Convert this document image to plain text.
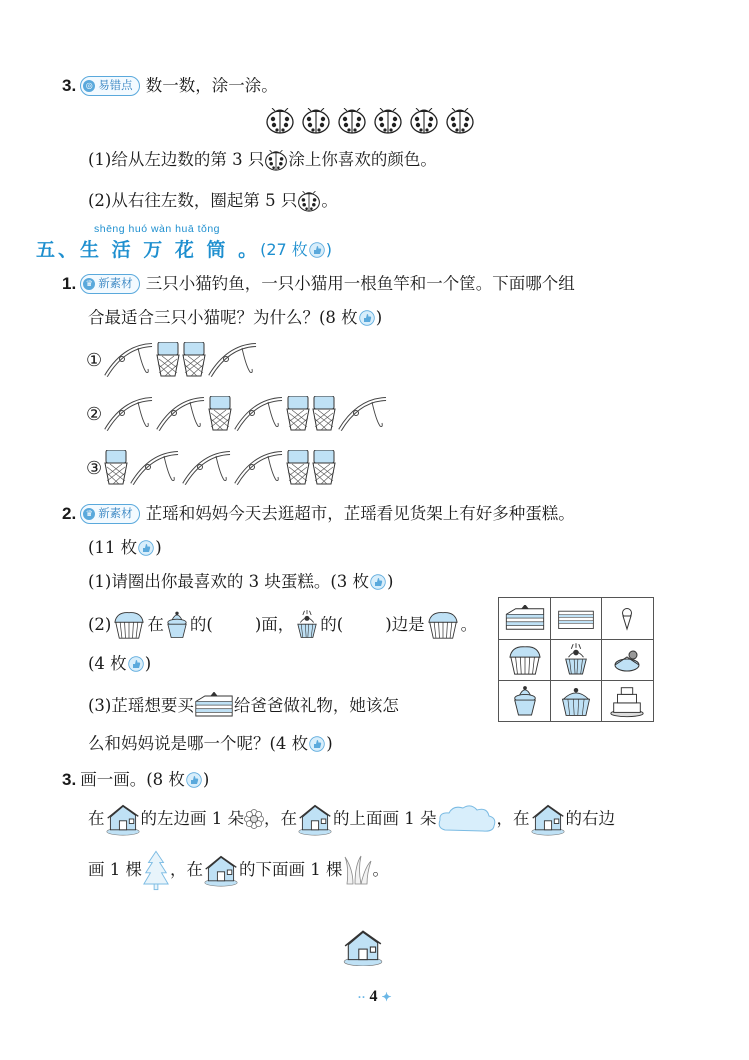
3.	◎ 易错点 数一数，涂一涂。
(1)给从左边数的第 3 只 涂上你喜欢的颜色。
(2)从右往左数，圈起第 5 只 。
shēng huó wàn huā tǒng
五、生 活 万 花 筒 。 (27 枚 )
1.	♛ 新素材 三只小猫钓鱼，一只小猫用一根鱼竿和一个筐。下面哪个组
合最适合三只小猫呢？为什么？(8 枚 )
①
②
③
2.	♛ 新素材 芷瑶和妈妈今天去逛超市，芷瑶看见货架上有好多种蛋糕。
(11 枚 )
(1)请圈出你最喜欢的 3 块蛋糕。(3 枚 )
(2) 在 的(	)面， 的(	)边是 。
(4 枚 )
(3)芷瑶想要买 给爸爸做礼物，她该怎
么和妈妈说是哪一个呢？(4 枚 )
3. 画一画。(8 枚 )
在 的左边画 1 朵 ，在 的上面画 1 朵	，在 的右边
画 1 棵 ，在 的下面画 1 棵 。
·· 4 ✦
